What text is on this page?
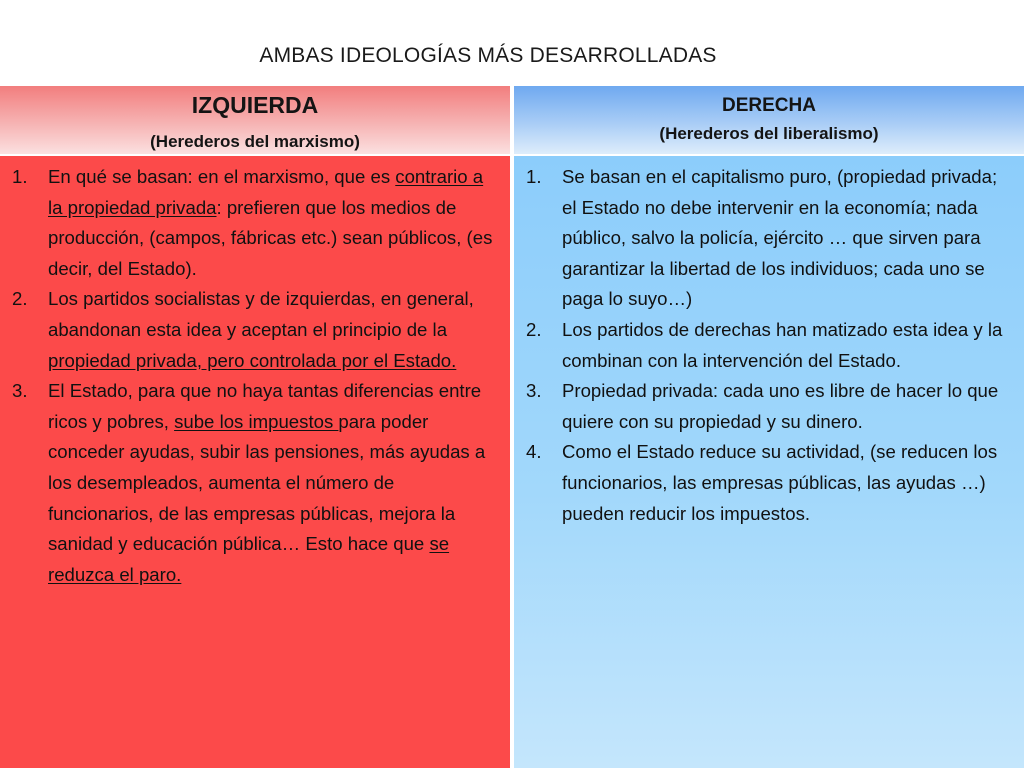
AMBAS IDEOLOGÍAS MÁS DESARROLLADAS
IZQUIERDA
(Herederos del marxismo)
DERECHA
(Herederos del liberalismo)
1. En qué se basan: en el marxismo, que es contrario a la propiedad privada: prefieren que los medios de producción, (campos, fábricas etc.) sean públicos, (es decir, del Estado).
2. Los partidos socialistas y de izquierdas, en general, abandonan esta idea y aceptan el principio de la propiedad privada, pero controlada por el Estado.
3. El Estado, para que no haya tantas diferencias entre ricos y pobres, sube los impuestos para poder conceder ayudas, subir las pensiones, más ayudas a los desempleados, aumenta el número de funcionarios, de las empresas públicas, mejora la sanidad y educación pública… Esto hace que se reduzca el paro.
1. Se basan en el capitalismo puro, (propiedad privada; el Estado no debe intervenir en la economía; nada público, salvo la policía, ejército … que sirven para garantizar la libertad de los individuos; cada uno se paga lo suyo…)
2. Los partidos de derechas han matizado esta idea y la combinan con la intervención del Estado.
3. Propiedad privada: cada uno es libre de hacer lo que quiere con su propiedad y su dinero.
4. Como el Estado reduce su actividad, (se reducen los funcionarios, las empresas públicas, las ayudas …) pueden reducir los impuestos.
